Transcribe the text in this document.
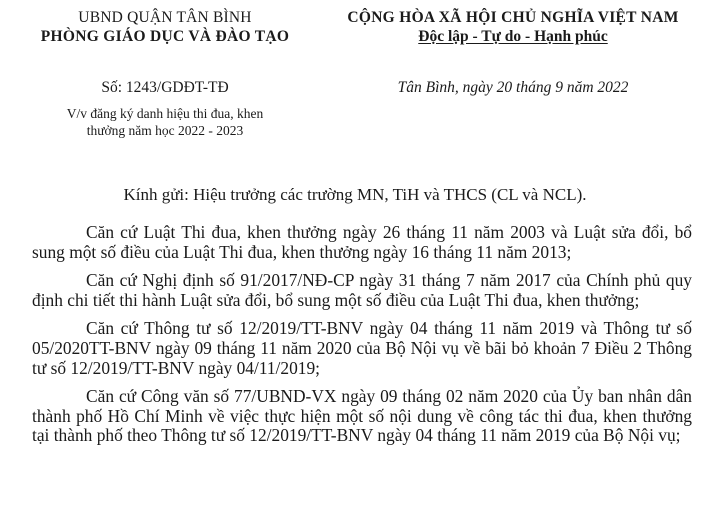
UBND QUẬN TÂN BÌNH
PHÒNG GIÁO DỤC VÀ ĐÀO TẠO
CỘNG HÒA XÃ HỘI CHỦ NGHĨA VIỆT NAM
Độc lập - Tự do - Hạnh phúc
Số: 1243/GDĐT-TĐ	Tân Bình, ngày 20 tháng 9 năm 2022
V/v đăng ký danh hiệu thi đua, khen
thưởng năm học 2022 - 2023
Kính gửi: Hiệu trưởng các trường MN, TiH và THCS (CL và NCL).

Căn cứ Luật Thi đua, khen thưởng ngày 26 tháng 11 năm 2003 và Luật sửa đổi, bổ sung một số điều của Luật Thi đua, khen thưởng ngày 16 tháng 11 năm 2013;

Căn cứ Nghị định số 91/2017/NĐ-CP ngày 31 tháng 7 năm 2017 của Chính phủ quy định chi tiết thi hành Luật sửa đổi, bổ sung một số điều của Luật Thi đua, khen thưởng;

Căn cứ Thông tư số 12/2019/TT-BNV ngày 04 tháng 11 năm 2019 và Thông tư số 05/2020TT-BNV ngày 09 tháng 11 năm 2020 của Bộ Nội vụ về bãi bỏ khoản 7 Điều 2 Thông tư số 12/2019/TT-BNV ngày 04/11/2019;

Căn cứ Công văn số 77/UBND-VX ngày 09 tháng 02 năm 2020 của Ủy ban nhân dân thành phố Hồ Chí Minh về việc thực hiện một số nội dung về công tác thi đua, khen thưởng tại thành phố theo Thông tư số 12/2019/TT-BNV ngày 04 tháng 11 năm 2019 của Bộ Nội vụ;
